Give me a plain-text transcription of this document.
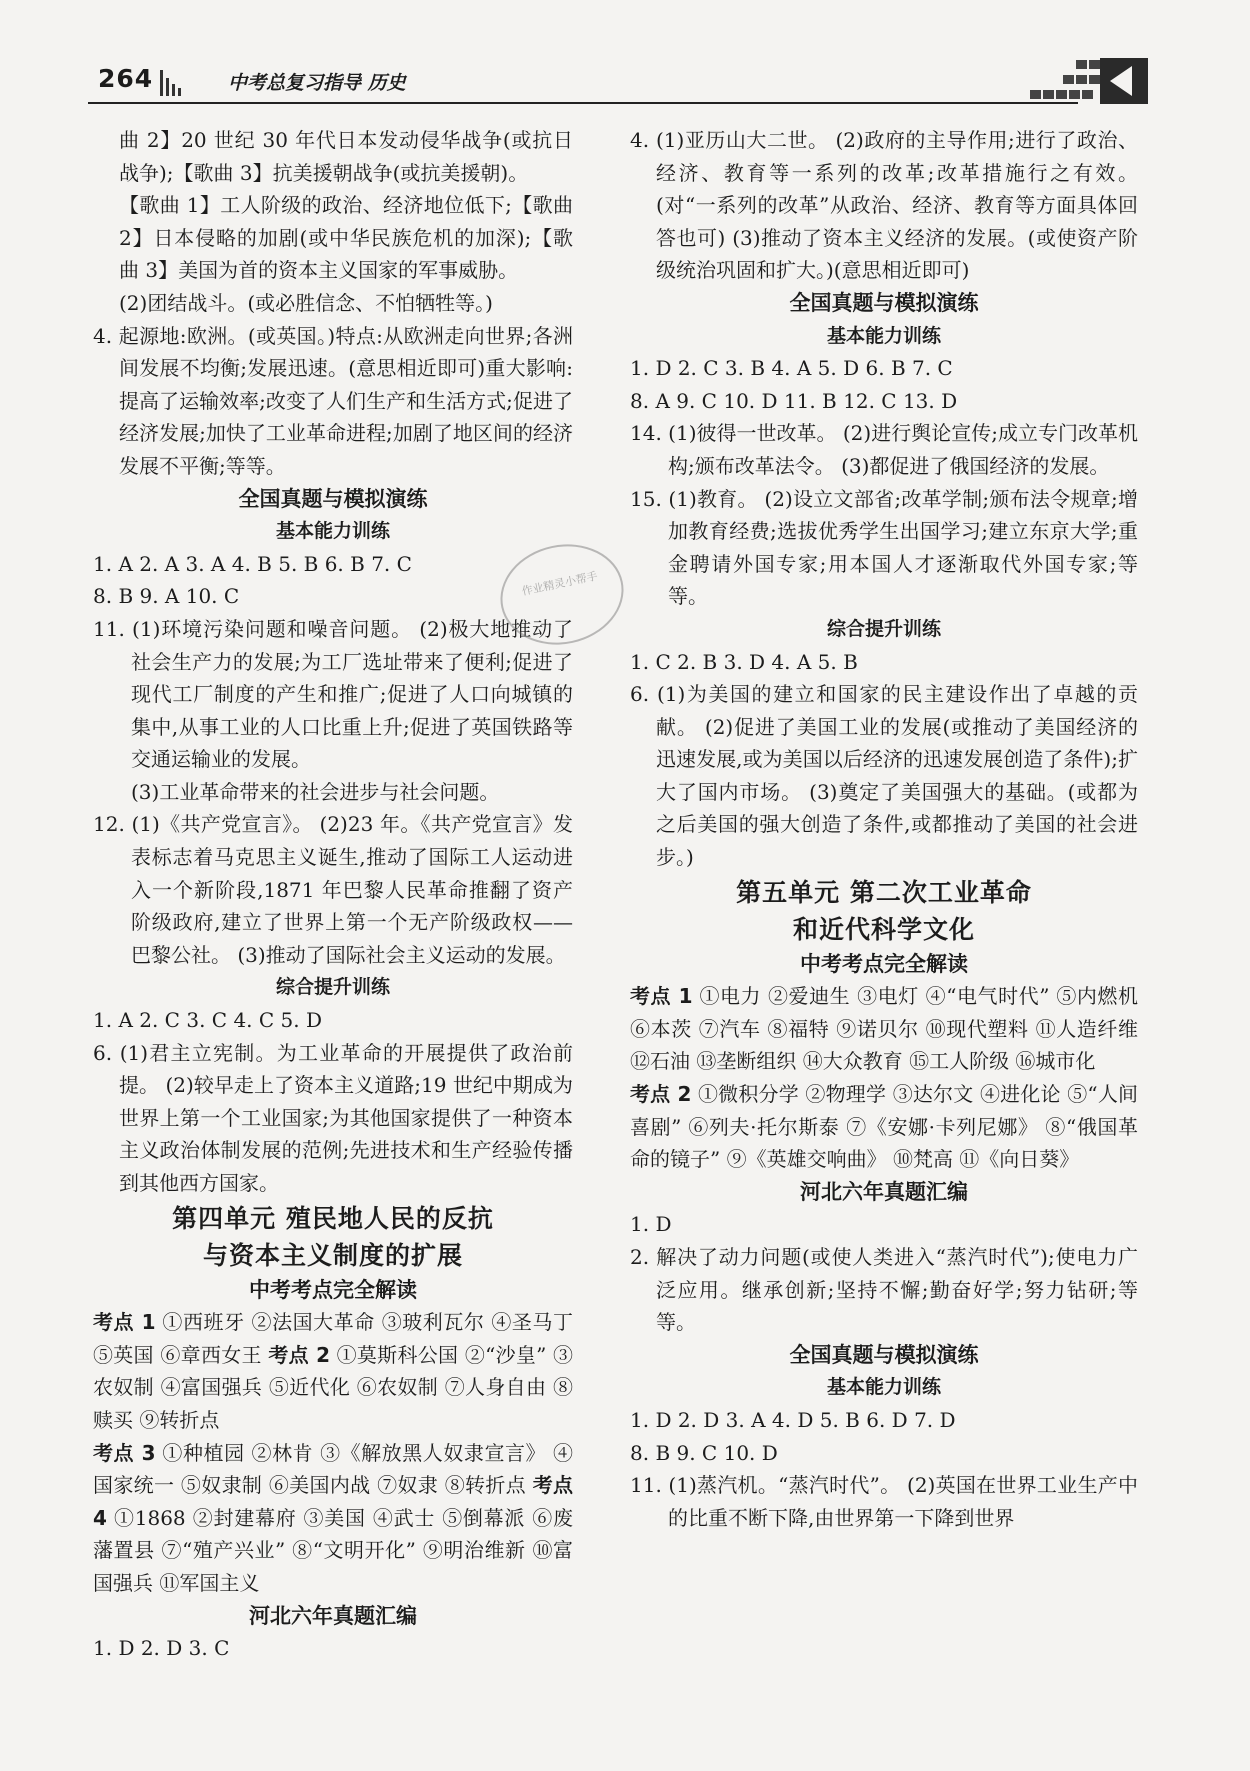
264	中考总复习指导 历史

曲 2】20 世纪 30 年代日本发动侵华战争(或抗日战争);【歌曲 3】抗美援朝战争(或抗美援朝)。

【歌曲 1】工人阶级的政治、经济地位低下;【歌曲 2】日本侵略的加剧(或中华民族危机的加深);【歌曲 3】美国为首的资本主义国家的军事威胁。

(2)团结战斗。(或必胜信念、不怕牺牲等。)

4. 起源地:欧洲。(或英国。)特点:从欧洲走向世界;各洲间发展不均衡;发展迅速。(意思相近即可)重大影响:提高了运输效率;改变了人们生产和生活方式;促进了经济发展;加快了工业革命进程;加剧了地区间的经济发展不平衡;等等。

全国真题与模拟演练
基本能力训练

1. A 2. A 3. A 4. B 5. B 6. B 7. C

8. B 9. A 10. C

11. (1)环境污染问题和噪音问题。 (2)极大地推动了社会生产力的发展;为工厂选址带来了便利;促进了现代工厂制度的产生和推广;促进了人口向城镇的集中,从事工业的人口比重上升;促进了英国铁路等交通运输业的发展。

(3)工业革命带来的社会进步与社会问题。

12. (1)《共产党宣言》。 (2)23 年。《共产党宣言》发表标志着马克思主义诞生,推动了国际工人运动进入一个新阶段,1871 年巴黎人民革命推翻了资产阶级政府,建立了世界上第一个无产阶级政权——巴黎公社。 (3)推动了国际社会主义运动的发展。

综合提升训练

1. A 2. C 3. C 4. C 5. D

6. (1)君主立宪制。为工业革命的开展提供了政治前提。 (2)较早走上了资本主义道路;19 世纪中期成为世界上第一个工业国家;为其他国家提供了一种资本主义政治体制发展的范例;先进技术和生产经验传播到其他西方国家。

第四单元 殖民地人民的反抗
与资本主义制度的扩展
中考考点完全解读

考点 1 ①西班牙 ②法国大革命 ③玻利瓦尔 ④圣马丁 ⑤英国 ⑥章西女王 考点 2 ①莫斯科公国 ②“沙皇” ③农奴制 ④富国强兵 ⑤近代化 ⑥农奴制 ⑦人身自由 ⑧赎买 ⑨转折点

考点 3 ①种植园 ②林肯 ③《解放黑人奴隶宣言》 ④国家统一 ⑤奴隶制 ⑥美国内战 ⑦奴隶 ⑧转折点 考点 4 ①1868 ②封建幕府 ③美国 ④武士 ⑤倒幕派 ⑥废藩置县 ⑦“殖产兴业” ⑧“文明开化” ⑨明治维新 ⑩富国强兵 ⑪军国主义

河北六年真题汇编

1. D 2. D 3. C

4. (1)亚历山大二世。 (2)政府的主导作用;进行了政治、经济、教育等一系列的改革;改革措施行之有效。(对“一系列的改革”从政治、经济、教育等方面具体回答也可) (3)推动了资本主义经济的发展。(或使资产阶级统治巩固和扩大。)(意思相近即可)

全国真题与模拟演练
基本能力训练

1. D 2. C 3. B 4. A 5. D 6. B 7. C

8. A 9. C 10. D 11. B 12. C 13. D

14. (1)彼得一世改革。 (2)进行舆论宣传;成立专门改革机构;颁布改革法令。 (3)都促进了俄国经济的发展。

15. (1)教育。 (2)设立文部省;改革学制;颁布法令规章;增加教育经费;选拔优秀学生出国学习;建立东京大学;重金聘请外国专家;用本国人才逐渐取代外国专家;等等。

综合提升训练

1. C 2. B 3. D 4. A 5. B

6. (1)为美国的建立和国家的民主建设作出了卓越的贡献。 (2)促进了美国工业的发展(或推动了美国经济的迅速发展,或为美国以后经济的迅速发展创造了条件);扩大了国内市场。 (3)奠定了美国强大的基础。(或都为之后美国的强大创造了条件,或都推动了美国的社会进步。)

第五单元 第二次工业革命
和近代科学文化
中考考点完全解读

考点 1 ①电力 ②爱迪生 ③电灯 ④“电气时代” ⑤内燃机 ⑥本茨 ⑦汽车 ⑧福特 ⑨诺贝尔 ⑩现代塑料 ⑪人造纤维 ⑫石油 ⑬垄断组织 ⑭大众教育 ⑮工人阶级 ⑯城市化

考点 2 ①微积分学 ②物理学 ③达尔文 ④进化论 ⑤“人间喜剧” ⑥列夫·托尔斯泰 ⑦《安娜·卡列尼娜》 ⑧“俄国革命的镜子” ⑨《英雄交响曲》 ⑩梵高 ⑪《向日葵》

河北六年真题汇编

1. D

2. 解决了动力问题(或使人类进入“蒸汽时代”);使电力广泛应用。继承创新;坚持不懈;勤奋好学;努力钻研;等等。

全国真题与模拟演练
基本能力训练

1. D 2. D 3. A 4. D 5. B 6. D 7. D

8. B 9. C 10. D

11. (1)蒸汽机。“蒸汽时代”。 (2)英国在世界工业生产中的比重不断下降,由世界第一下降到世界

作业精灵小帮手
